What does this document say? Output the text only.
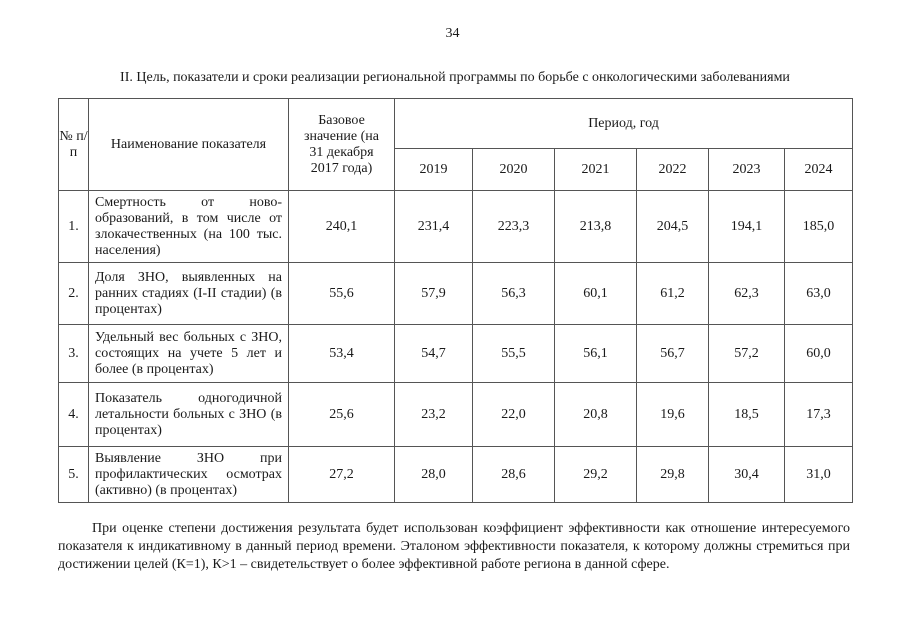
34
II. Цель, показатели и сроки реализации региональной программы по борьбе с онкологическими заболеваниями
№ п/п	Наименование показателя	Базовое значение (на 31 декабря 2017 года)	Период, год					
			2019	2020	2021	2022	2023	2024
1.	Смертность от ново-образований, в том числе от злокачественных (на 100 тыс. населения)	240,1	231,4	223,3	213,8	204,5	194,1	185,0
2.	Доля ЗНО, выявленных на ранних стадиях (I-II стадии) (в процентах)	55,6	57,9	56,3	60,1	61,2	62,3	63,0
3.	Удельный вес больных с ЗНО, состоящих на учете 5 лет и более (в процентах)	53,4	54,7	55,5	56,1	56,7	57,2	60,0
4.	Показатель одногодичной летальности больных с ЗНО (в процентах)	25,6	23,2	22,0	20,8	19,6	18,5	17,3
5.	Выявление ЗНО при профилактических осмотрах (активно) (в процентах)	27,2	28,0	28,6	29,2	29,8	30,4	31,0
При оценке степени достижения результата будет использован коэффициент эффективности как отношение интересуемого показателя к индикативному в данный период времени. Эталоном эффективности показателя, к которому должны стремиться при достижении целей (К=1), К>1 – свидетельствует о более эффективной работе региона в данной сфере.
